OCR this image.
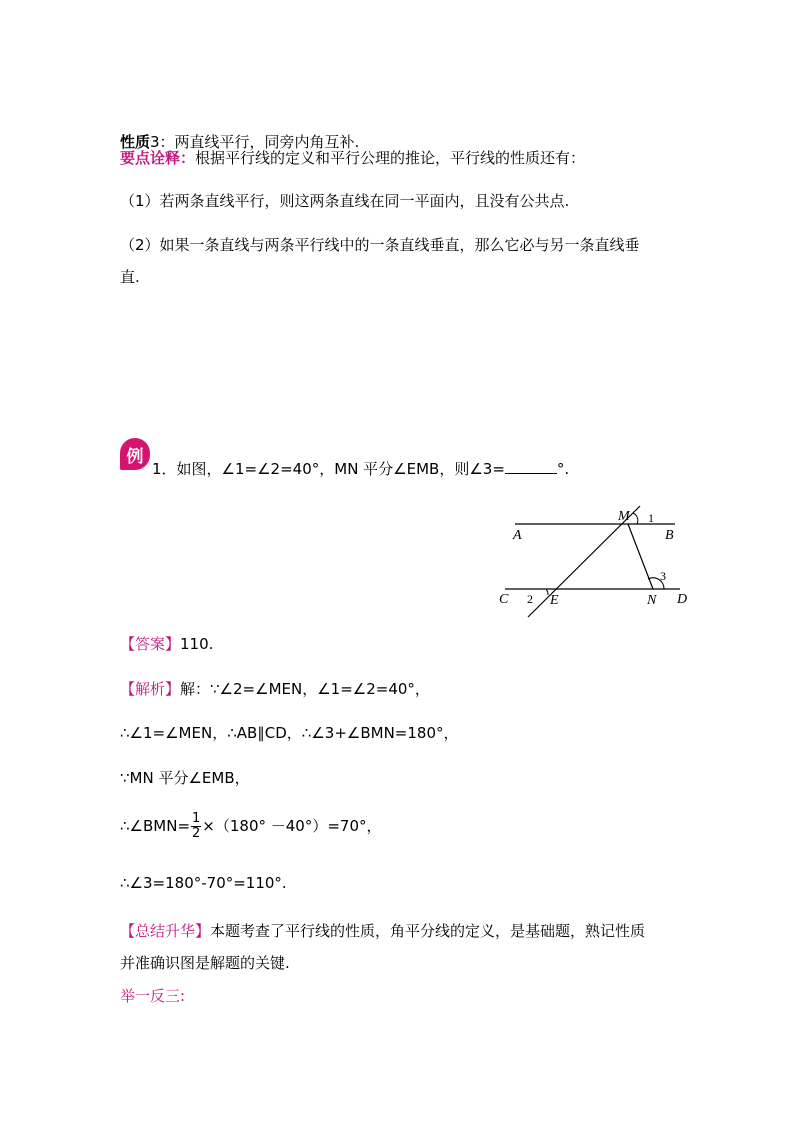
性质3：两直线平行，同旁内角互补.
要点诠释：根据平行线的定义和平行公理的推论，平行线的性质还有：
（1）若两条直线平行，则这两条直线在同一平面内，且没有公共点.
（2）如果一条直线与两条平行线中的一条直线垂直，那么它必与另一条直线垂
直.
例
1．如图，∠1=∠2=40°，MN 平分∠EMB，则∠3=	°.
M 1
A	B
3
C 2 E	N D
【答案】110.
【解析】解：∵∠2=∠MEN，∠1=∠2=40°，
∴∠1=∠MEN，∴AB∥CD，∴∠3+∠BMN=180°，
∵MN 平分∠EMB，
∴∠BMN= $\frac{1}{2} \times(180^\circ -40^\circ)=70^\circ$，
∴∠3=180°-70°=110°.
【总结升华】本题考查了平行线的性质，角平分线的定义，是基础题，熟记性质
并准确识图是解题的关键.
举一反三:
